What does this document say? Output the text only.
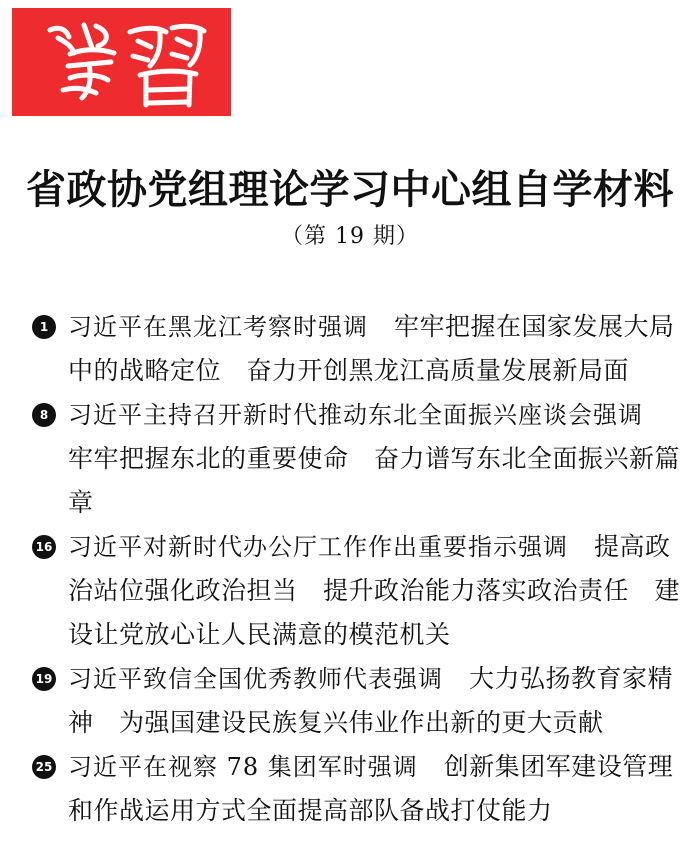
省政协党组理论学习中心组自学材料
（第 19 期）
1 习近平在黑龙江考察时强调 牢牢把握在国家发展大局中的战略定位　奋力开创黑龙江高质量发展新局面
8 习近平主持召开新时代推动东北全面振兴座谈会强调牢牢把握东北的重要使命　奋力谱写东北全面振兴新篇章
16 习近平对新时代办公厅工作作出重要指示强调 提高政治站位强化政治担当　提升政治能力落实政治责任　建设让党放心让人民满意的模范机关
19 习近平致信全国优秀教师代表强调 大力弘扬教育家精神　为强国建设民族复兴伟业作出新的更大贡献
25 习近平在视察 78 集团军时强调 创新集团军建设管理和作战运用方式全面提高部队备战打仗能力
